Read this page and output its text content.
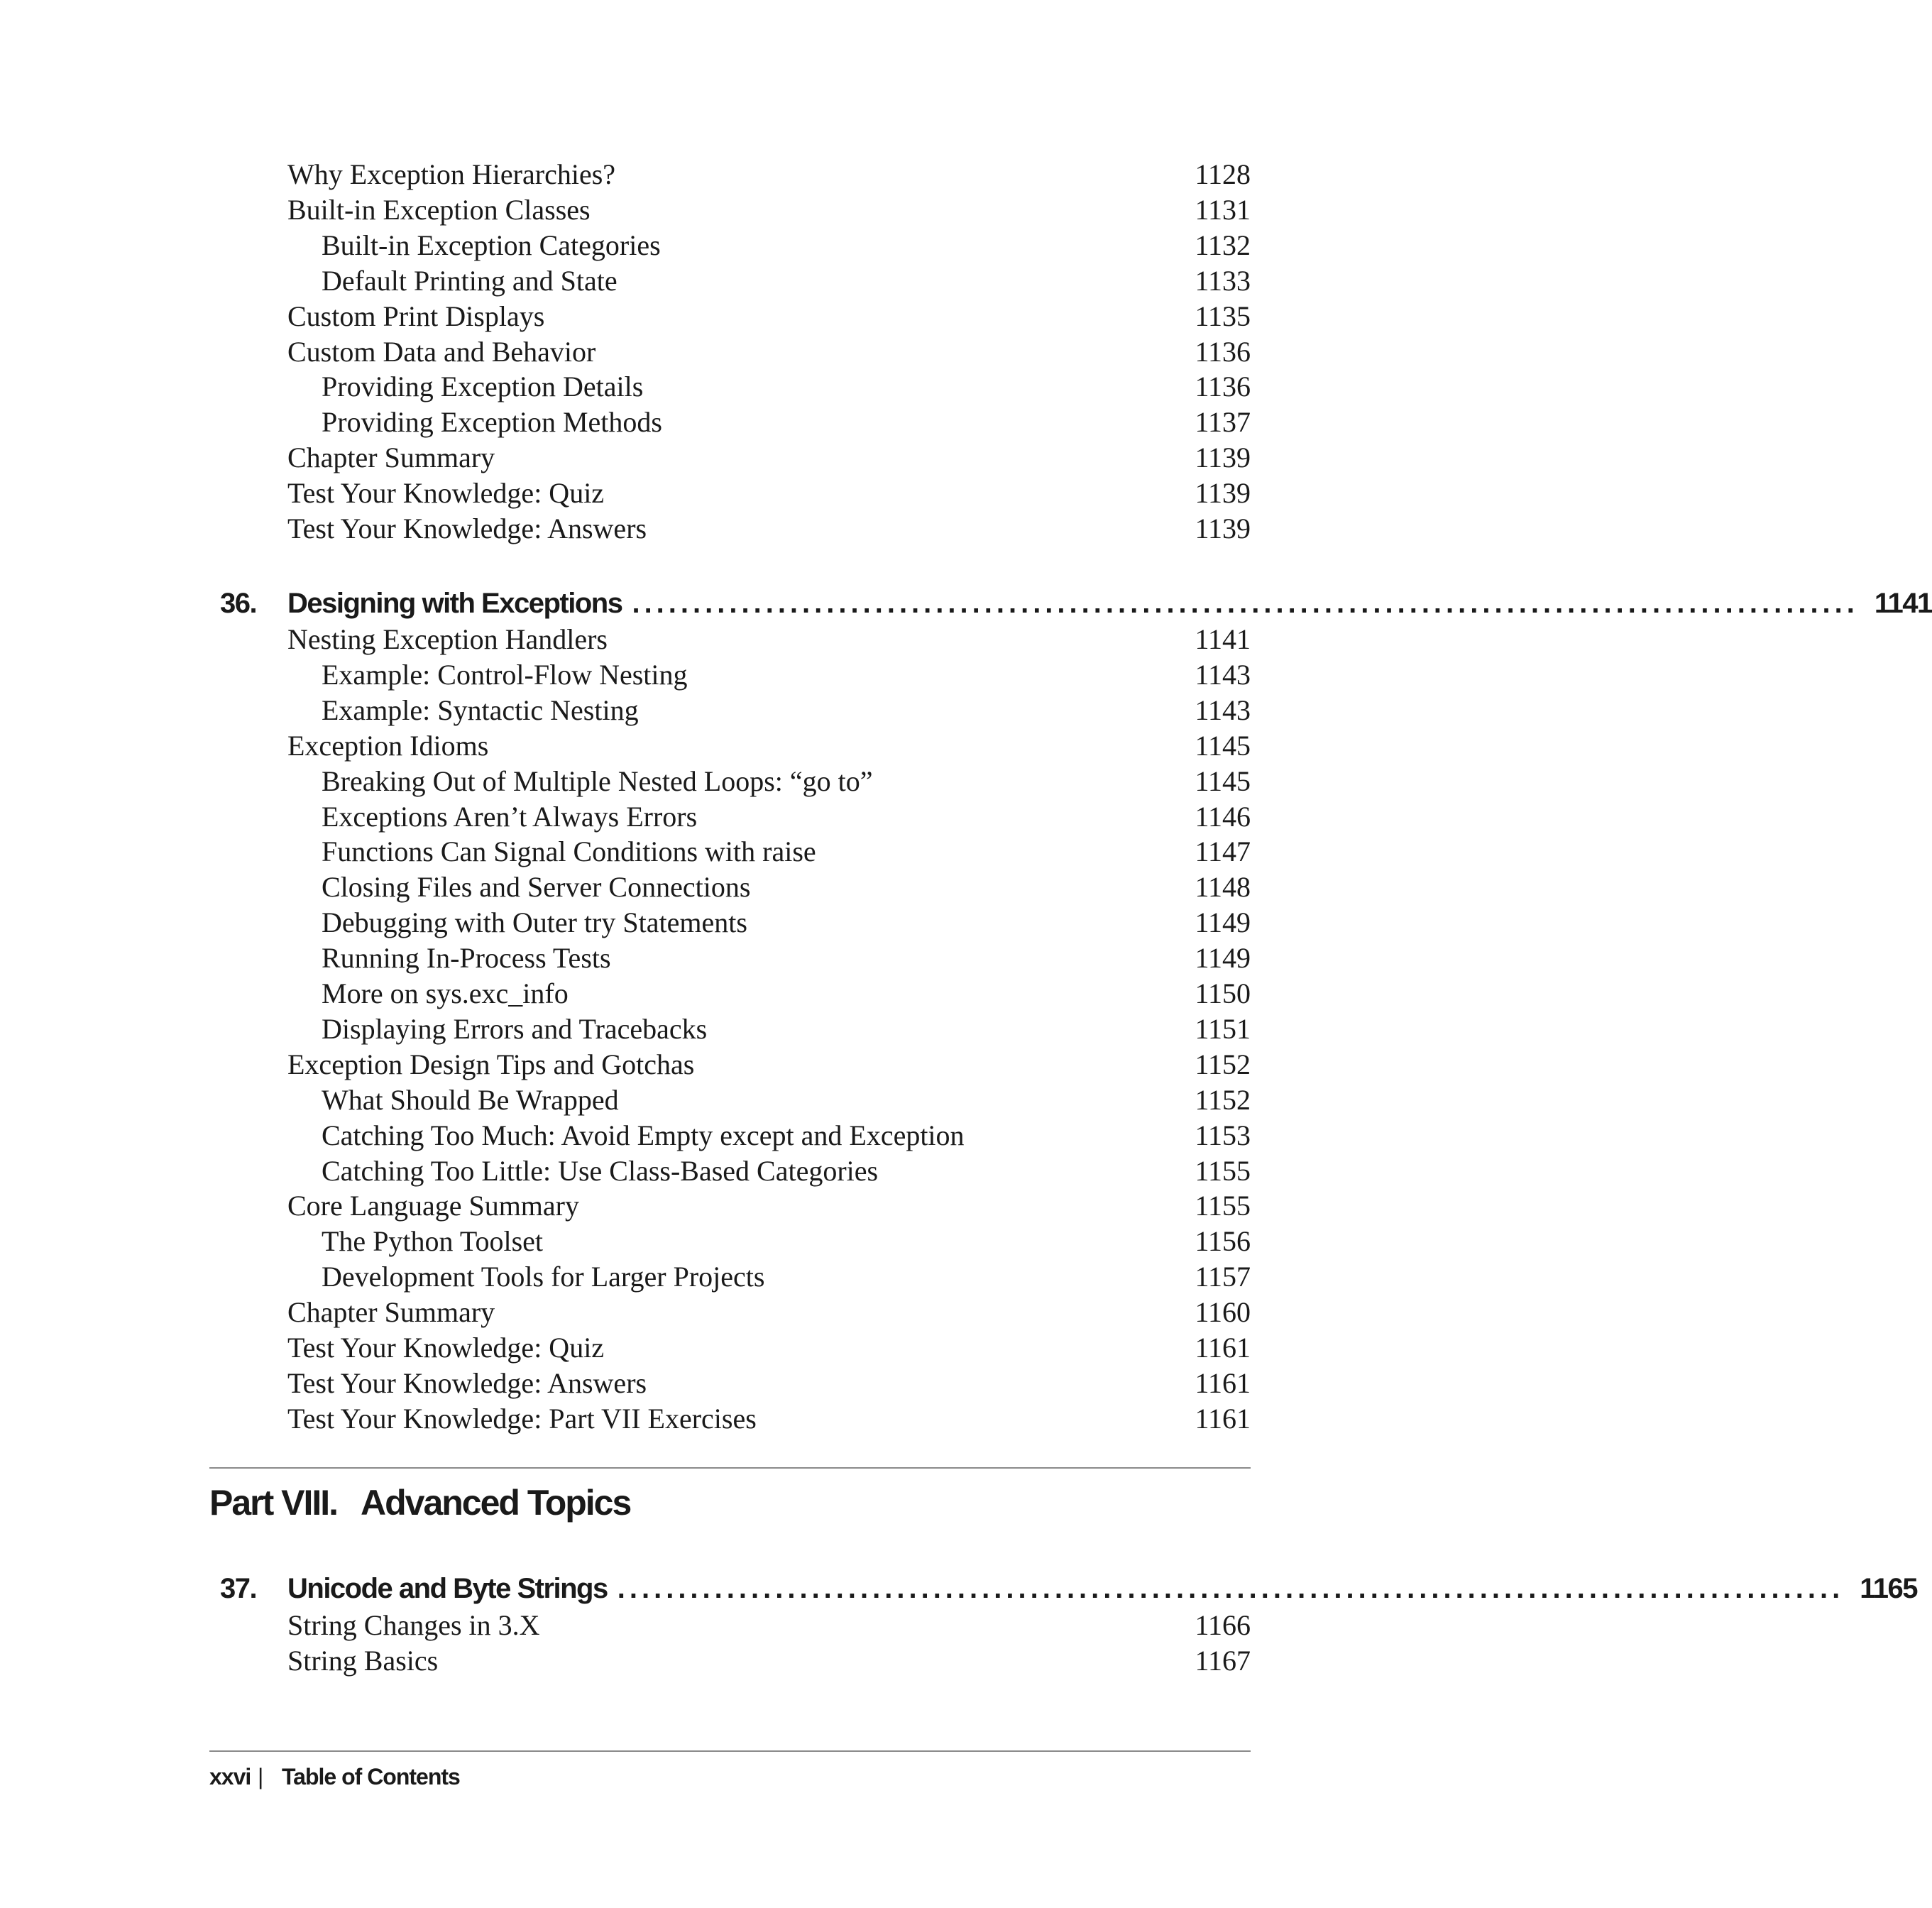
Why Exception Hierarchies?	1128
Built-in Exception Classes	1131
Built-in Exception Categories	1132
Default Printing and State	1133
Custom Print Displays	1135
Custom Data and Behavior	1136
Providing Exception Details	1136
Providing Exception Methods	1137
Chapter Summary	1139
Test Your Knowledge: Quiz	1139
Test Your Knowledge: Answers	1139
36.	Designing with Exceptions ..................................................................................................... 1141
Nesting Exception Handlers	1141
Example: Control-Flow Nesting	1143
Example: Syntactic Nesting	1143
Exception Idioms	1145
Breaking Out of Multiple Nested Loops: “go to”	1145
Exceptions Aren’t Always Errors	1146
Functions Can Signal Conditions with raise	1147
Closing Files and Server Connections	1148
Debugging with Outer try Statements	1149
Running In-Process Tests	1149
More on sys.exc_info	1150
Displaying Errors and Tracebacks	1151
Exception Design Tips and Gotchas	1152
What Should Be Wrapped	1152
Catching Too Much: Avoid Empty except and Exception	1153
Catching Too Little: Use Class-Based Categories	1155
Core Language Summary	1155
The Python Toolset	1156
Development Tools for Larger Projects	1157
Chapter Summary	1160
Test Your Knowledge: Quiz	1161
Test Your Knowledge: Answers	1161
Test Your Knowledge: Part VII Exercises	1161
Part VIII. Advanced Topics
37.	Unicode and Byte Strings ..................................................................................................... 1165
String Changes in 3.X	1166
String Basics	1167
xxvi | Table of Contents
